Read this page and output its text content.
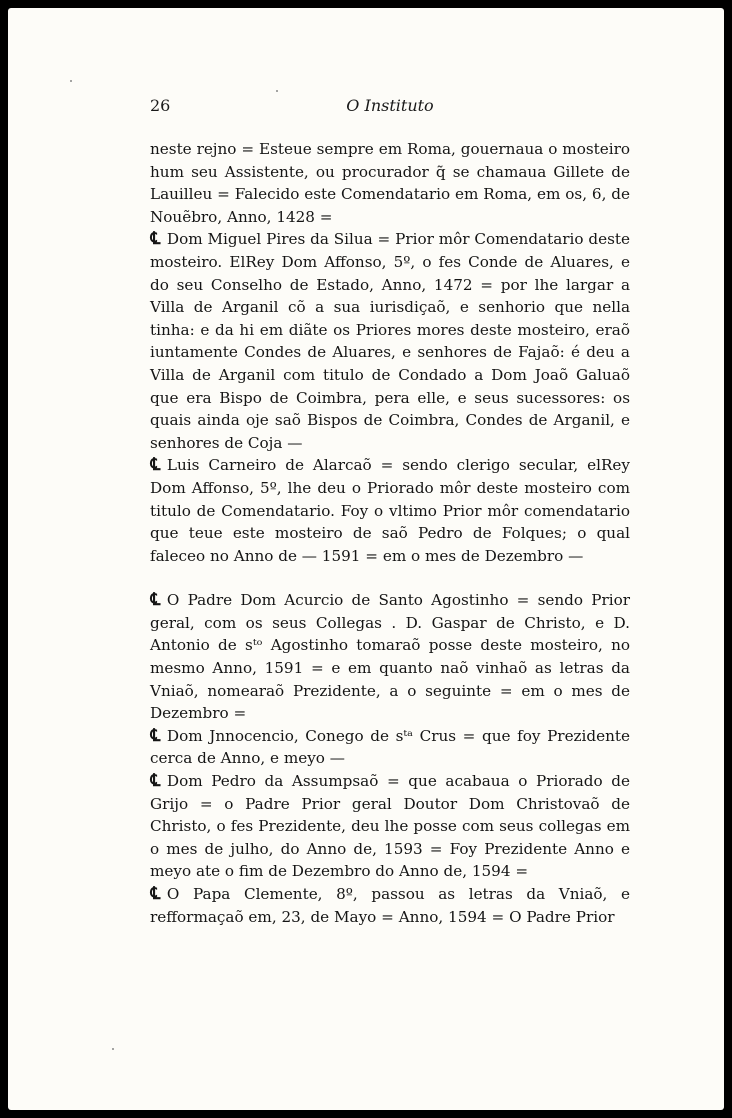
26	O Instituto

neste rejno = Esteue sempre em Roma, gouernaua o mosteiro hum seu Assistente, ou procurador q̃ se chamaua Gillete de Lauilleu = Falecido este Comendatario em Roma, em os, 6, de Nouẽbro, Anno, 1428 =

℄ Dom Miguel Pires da Silua = Prior môr Comendatario deste mosteiro. ElRey Dom Affonso, 5º, o fes Conde de Aluares, e do seu Conselho de Estado, Anno, 1472 = por lhe largar a Villa de Arganil cõ a sua iurisdiçaõ, e senhorio que nella tinha: e da hi em diãte os Priores mores deste mosteiro, eraõ iuntamente Condes de Aluares, e senhores de Fajaõ: é deu a Villa de Arganil com titulo de Condado a Dom Joaõ Galuaõ que era Bispo de Coimbra, pera elle, e seus sucessores: os quais ainda oje saõ Bispos de Coimbra, Condes de Arganil, e senhores de Coja —

℄ Luis Carneiro de Alarcaõ = sendo clerigo secular, elRey Dom Affonso, 5º, lhe deu o Priorado môr deste mosteiro com titulo de Comendatario. Foy o vltimo Prior môr comendatario que teue este mosteiro de saõ Pedro de Folques; o qual faleceo no Anno de — 1591 = em o mes de Dezembro —

℄ O Padre Dom Acurcio de Santo Agostinho = sendo Prior geral, com os seus Collegas . D. Gaspar de Christo, e D. Antonio de sᵗᵒ Agostinho tomaraõ posse deste mosteiro, no mesmo Anno, 1591 = e em quanto naõ vinhaõ as letras da Vniaõ, nomearaõ Prezidente, a o seguinte = em o mes de Dezembro =

℄ Dom Jnnocencio, Conego de sᵗᵃ Crus = que foy Prezidente cerca de Anno, e meyo —

℄ Dom Pedro da Assumpsaõ = que acabaua o Priorado de Grijo = o Padre Prior geral Doutor Dom Christovaõ de Christo, o fes Prezidente, deu lhe posse com seus collegas em o mes de julho, do Anno de, 1593 = Foy Prezidente Anno e meyo ate o fim de Dezembro do Anno de, 1594 =

℄ O Papa Clemente, 8º, passou as letras da Vniaõ, e refformaçaõ em, 23, de Mayo = Anno, 1594 = O Padre Prior
